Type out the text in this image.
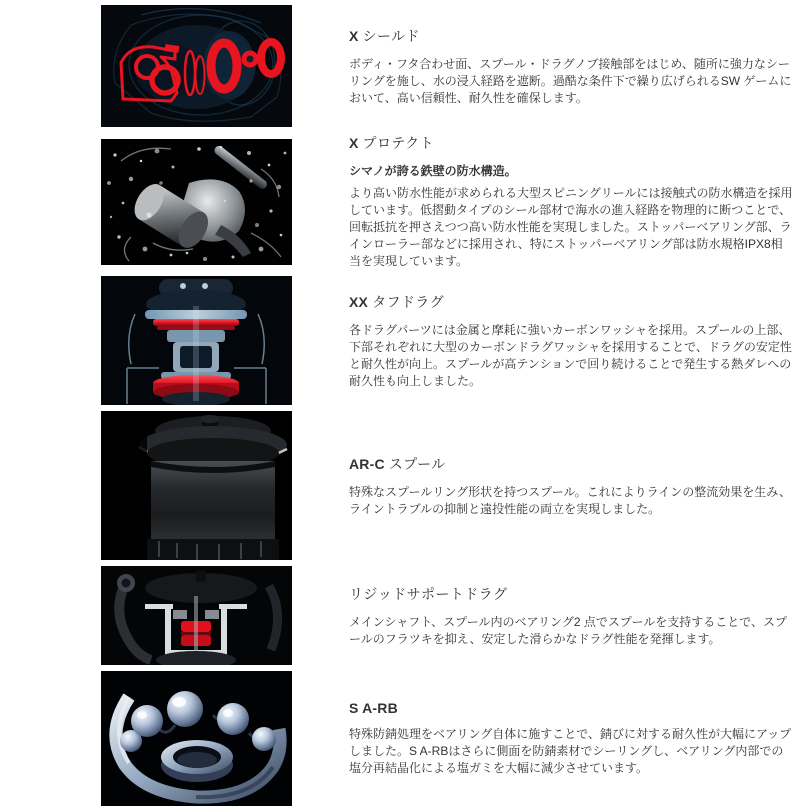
X シールド

ボディ・フタ合わせ面、スプール・ドラグノブ接触部をはじめ、随所に強力なシーリングを施し、水の浸入経路を遮断。過酷な条件下で繰り広げられるSW ゲームにおいて、高い信頼性、耐久性を確保します。

X プロテクト

シマノが誇る鉄壁の防水構造。

より高い防水性能が求められる大型スピニングリールには接触式の防水構造を採用しています。低摺動タイプのシール部材で海水の進入経路を物理的に断つことで、回転抵抗を押さえつつ高い防水性能を実現しました。ストッパーベアリング部、ラインローラー部などに採用され、特にストッパーベアリング部は防水規格IPX8相当を実現しています。

XX タフドラグ

各ドラグパーツには金属と摩耗に強いカーボンワッシャを採用。スプールの上部、下部それぞれに大型のカーボンドラグワッシャを採用することで、ドラグの安定性と耐久性が向上。スプールが高テンションで回り続けることで発生する熱ダレへの耐久性も向上しました。

AR-C スプール

特殊なスプールリング形状を持つスプール。これによりラインの整流効果を生み、ライントラブルの抑制と遠投性能の両立を実現しました。

リジッドサポートドラグ

メインシャフト、スプール内のベアリング2 点でスプールを支持することで、スプールのフラツキを抑え、安定した滑らかなドラグ性能を発揮します。

S A-RB

特殊防錆処理をベアリング自体に施すことで、錆びに対する耐久性が大幅にアップしました。S A-RBはさらに側面を防錆素材でシーリングし、ベアリング内部での塩分再結晶化による塩ガミを大幅に減少させています。
